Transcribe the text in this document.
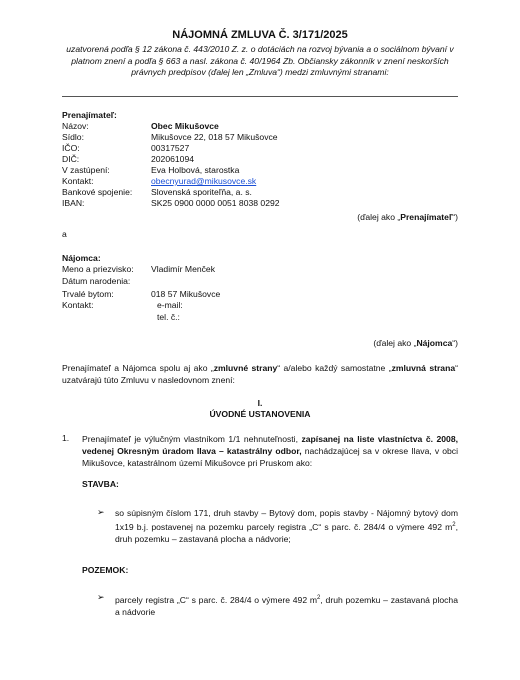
NÁJOMNÁ ZMLUVA Č. 3/171/2025
uzatvorená podľa § 12 zákona č. 443/2010 Z. z. o dotáciách na rozvoj bývania a o sociálnom bývaní v platnom znení a podľa § 663 a nasl. zákona č. 40/1964 Zb. Občiansky zákonník v znení neskorších právnych predpisov (ďalej len „Zmluva“) medzi zmluvnými stranami:
Prenajímateľ:
Názov:	Obec Mikušovce
Sídlo:	Mikušovce 22, 018 57 Mikušovce
IČO:	00317527
DIČ:	202061094
V zastúpení:	Eva Holbová, starostka
Kontakt:	obecnyurad@mikusovce.sk
Bankové spojenie: Slovenská sporiteľňa, a. s.
IBAN:	SK25 0900 0000 0051 8038 0292
(ďalej ako „Prenajímateľ“)
a
Nájomca:
Meno a priezvisko: Vladimír Menček
Dátum narodenia:
Trvalé bytom:	018 57 Mikušovce
Kontakt:	e-mail:
tel. č.:
(ďalej ako „Nájomca“)
Prenajímateľ a Nájomca spolu aj ako „zmluvné strany“ a/alebo každý samostatne „zmluvná strana“ uzatvárajú túto Zmluvu v nasledovnom znení:
I.
ÚVODNÉ USTANOVENIA
1. Prenajímateľ je výlučným vlastníkom 1/1 nehnuteľnosti, zapísanej na liste vlastníctva č. 2008, vedenej Okresným úradom Ilava – katastrálny odbor, nachádzajúcej sa v okrese Ilava, v obci Mikušovce, katastrálnom území Mikušovce pri Pruskom ako:
STAVBA:
➢ so súpisným číslom 171, druh stavby – Bytový dom, popis stavby - Nájomný bytový dom 1x19 b.j. postavenej na pozemku parcely registra „C“ s parc. č. 284/4 o výmere 492 $m^2$, druh pozemku – zastavaná plocha a nádvorie;
POZEMOK:
➢ parcely registra „C“ s parc. č. 284/4 o výmere 492 $m^2$, druh pozemku – zastavaná plocha a nádvorie
